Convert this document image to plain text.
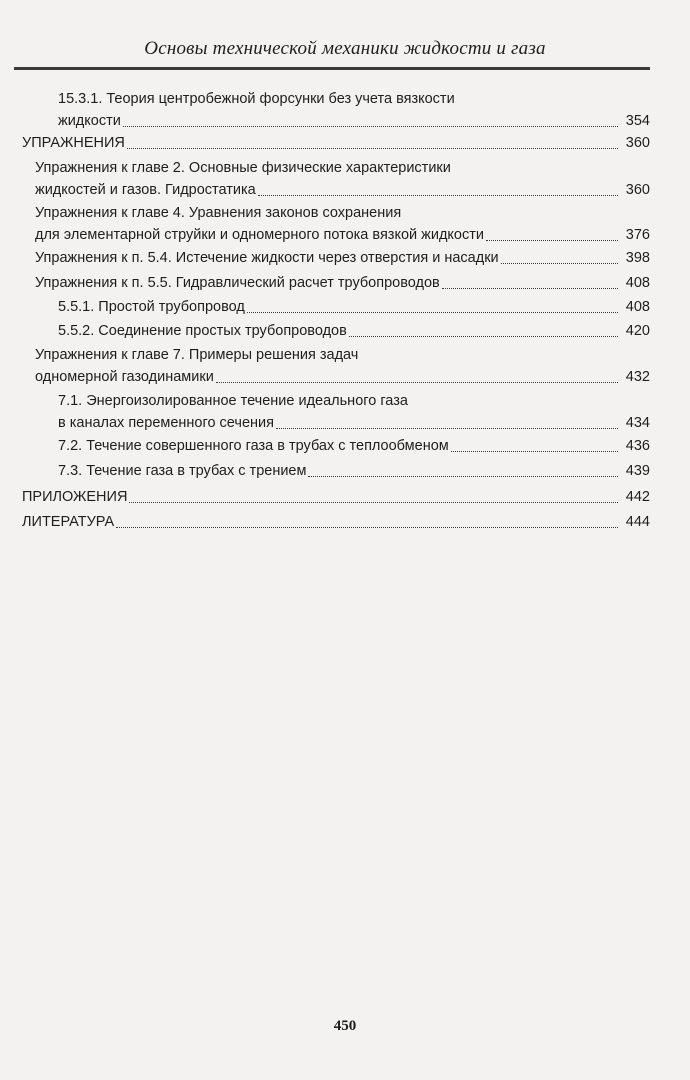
Основы технической механики жидкости и газа
15.3.1. Теория центробежной форсунки без учета вязкости
жидкости	354
УПРАЖНЕНИЯ	360
Упражнения к главе 2. Основные физические характеристики
жидкостей и газов. Гидростатика	360
Упражнения к главе 4. Уравнения законов сохранения
для элементарной струйки и одномерного потока вязкой жидкости	376
Упражнения к п. 5.4. Истечение жидкости через отверстия и насадки	398
Упражнения к п. 5.5. Гидравлический расчет трубопроводов	408
5.5.1. Простой трубопровод	408
5.5.2. Соединение простых трубопроводов	420
Упражнения к главе 7. Примеры решения задач
одномерной газодинамики	432
7.1. Энергоизолированное течение идеального газа
в каналах переменного сечения	434
7.2. Течение совершенного газа в трубах с теплообменом	436
7.3. Течение газа в трубах с трением	439
ПРИЛОЖЕНИЯ	442
ЛИТЕРАТУРА	444
450
